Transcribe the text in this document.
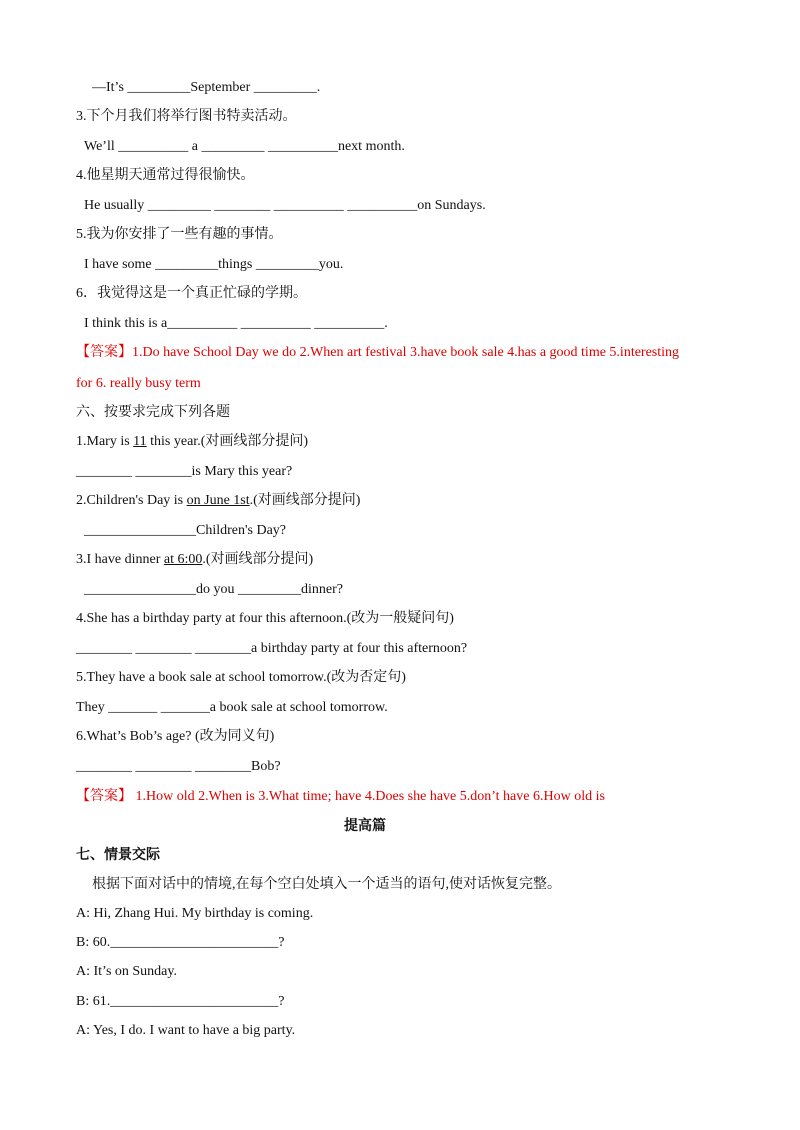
—It’s _________September _________.
3.下个月我们将举行图书特卖活动。
We’ll __________ a _________ __________next month.
4.他星期天通常过得很愉快。
He usually _________ ________ __________ __________on Sundays.
5.我为你安排了一些有趣的事情。
I have some _________things _________you.
6．我觉得这是一个真正忙碌的学期。
I think this is a__________ __________ __________.
【答案】1.Do have School Day we do 2.When art festival 3.have book sale 4.has a good time 5.interesting
for 6. really busy term
六、按要求完成下列各题
1.Mary is 11 this year.(对画线部分提问)
________ ________is Mary this year?
2.Children's Day is on June 1st.(对画线部分提问)
________________Children's Day?
3.I have dinner at 6:00.(对画线部分提问)
________________do you _________dinner?
4.She has a birthday party at four this afternoon.(改为一般疑问句)
________ ________ ________a birthday party at four this afternoon?
5.They have a book sale at school tomorrow.(改为否定句)
They _______ _______a book sale at school tomorrow.
6.What’s Bob’s age? (改为同义句)
________ ________ ________Bob?
【答案】 1.How old 2.When is 3.What time; have 4.Does she have 5.don’t have 6.How old is
提高篇
七、情景交际
根据下面对话中的情境,在每个空白处填入一个适当的语句,使对话恢复完整。
A: Hi, Zhang Hui. My birthday is coming.
B: 60.________________________?
A: It’s on Sunday.
B: 61.________________________?
A: Yes, I do. I want to have a big party.
